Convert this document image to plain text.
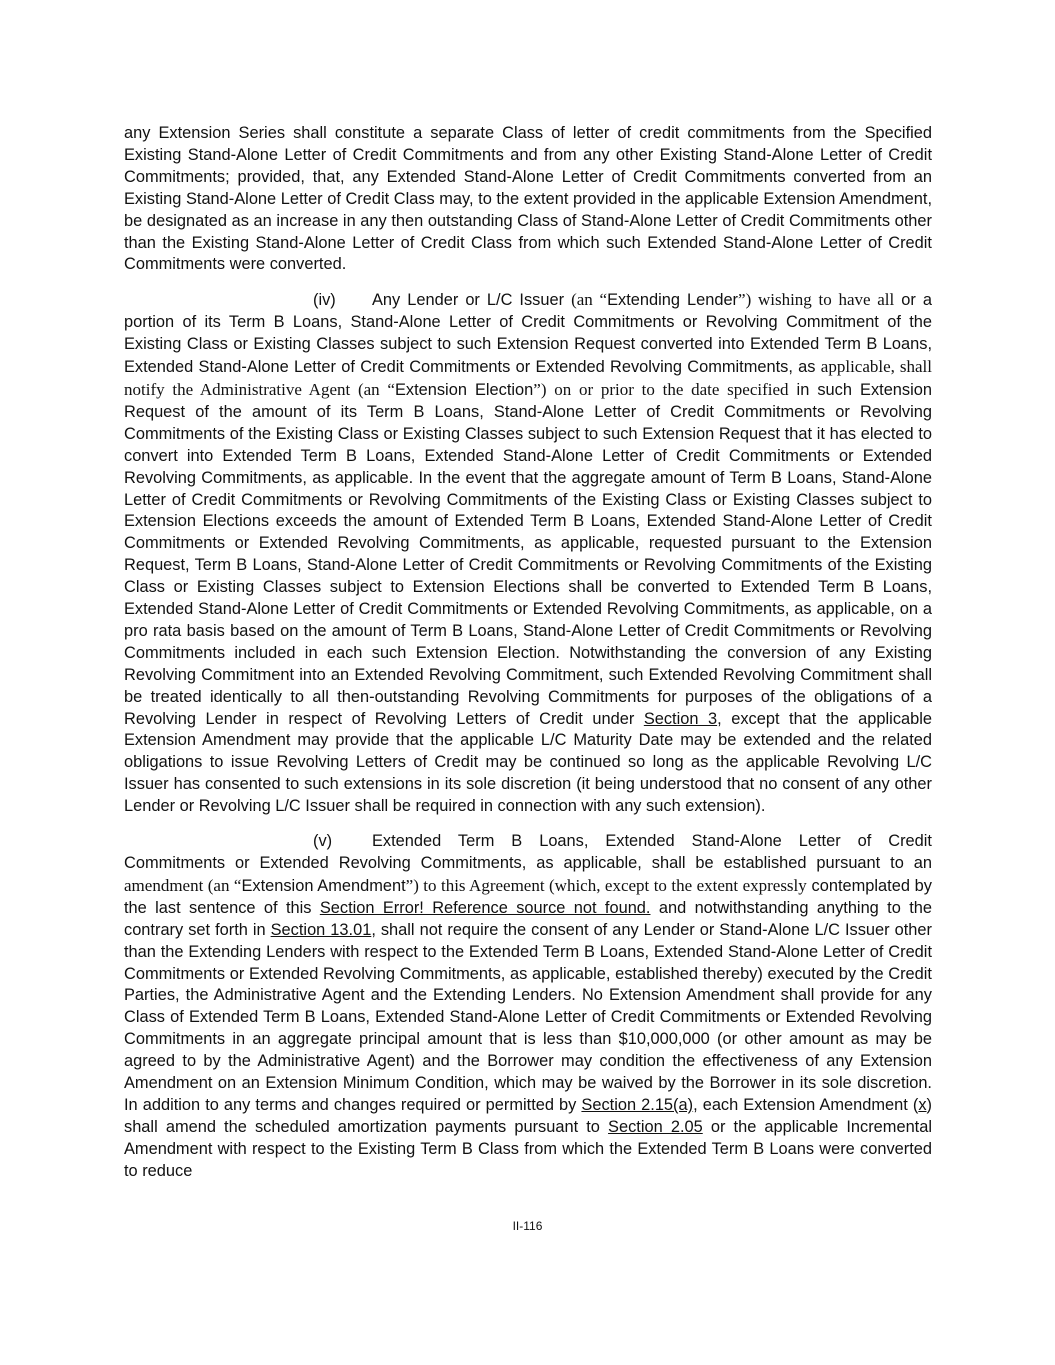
any Extension Series shall constitute a separate Class of letter of credit commitments from the Specified Existing Stand-Alone Letter of Credit Commitments and from any other Existing Stand-Alone Letter of Credit Commitments; provided, that, any Extended Stand-Alone Letter of Credit Commitments converted from an Existing Stand-Alone Letter of Credit Class may, to the extent provided in the applicable Extension Amendment, be designated as an increase in any then outstanding Class of Stand-Alone Letter of Credit Commitments other than the Existing Stand-Alone Letter of Credit Class from which such Extended Stand-Alone Letter of Credit Commitments were converted.

(iv) Any Lender or L/C Issuer (an “Extending Lender”) wishing to have all or a portion of its Term B Loans, Stand-Alone Letter of Credit Commitments or Revolving Commitment of the Existing Class or Existing Classes subject to such Extension Request converted into Extended Term B Loans, Extended Stand-Alone Letter of Credit Commitments or Extended Revolving Commitments, as applicable, shall notify the Administrative Agent (an “Extension Election”) on or prior to the date specified in such Extension Request of the amount of its Term B Loans, Stand-Alone Letter of Credit Commitments or Revolving Commitments of the Existing Class or Existing Classes subject to such Extension Request that it has elected to convert into Extended Term B Loans, Extended Stand-Alone Letter of Credit Commitments or Extended Revolving Commitments, as applicable. In the event that the aggregate amount of Term B Loans, Stand-Alone Letter of Credit Commitments or Revolving Commitments of the Existing Class or Existing Classes subject to Extension Elections exceeds the amount of Extended Term B Loans, Extended Stand-Alone Letter of Credit Commitments or Extended Revolving Commitments, as applicable, requested pursuant to the Extension Request, Term B Loans, Stand-Alone Letter of Credit Commitments or Revolving Commitments of the Existing Class or Existing Classes subject to Extension Elections shall be converted to Extended Term B Loans, Extended Stand-Alone Letter of Credit Commitments or Extended Revolving Commitments, as applicable, on a pro rata basis based on the amount of Term B Loans, Stand-Alone Letter of Credit Commitments or Revolving Commitments included in each such Extension Election. Notwithstanding the conversion of any Existing Revolving Commitment into an Extended Revolving Commitment, such Extended Revolving Commitment shall be treated identically to all then-outstanding Revolving Commitments for purposes of the obligations of a Revolving Lender in respect of Revolving Letters of Credit under Section 3, except that the applicable Extension Amendment may provide that the applicable L/C Maturity Date may be extended and the related obligations to issue Revolving Letters of Credit may be continued so long as the applicable Revolving L/C Issuer has consented to such extensions in its sole discretion (it being understood that no consent of any other Lender or Revolving L/C Issuer shall be required in connection with any such extension).

(v) Extended Term B Loans, Extended Stand-Alone Letter of Credit Commitments or Extended Revolving Commitments, as applicable, shall be established pursuant to an amendment (an “Extension Amendment”) to this Agreement (which, except to the extent expressly contemplated by the last sentence of this Section Error! Reference source not found. and notwithstanding anything to the contrary set forth in Section 13.01, shall not require the consent of any Lender or Stand-Alone L/C Issuer other than the Extending Lenders with respect to the Extended Term B Loans, Extended Stand-Alone Letter of Credit Commitments or Extended Revolving Commitments, as applicable, established thereby) executed by the Credit Parties, the Administrative Agent and the Extending Lenders. No Extension Amendment shall provide for any Class of Extended Term B Loans, Extended Stand-Alone Letter of Credit Commitments or Extended Revolving Commitments in an aggregate principal amount that is less than $10,000,000 (or other amount as may be agreed to by the Administrative Agent) and the Borrower may condition the effectiveness of any Extension Amendment on an Extension Minimum Condition, which may be waived by the Borrower in its sole discretion. In addition to any terms and changes required or permitted by Section 2.15(a), each Extension Amendment (x) shall amend the scheduled amortization payments pursuant to Section 2.05 or the applicable Incremental Amendment with respect to the Existing Term B Class from which the Extended Term B Loans were converted to reduce

II-116
